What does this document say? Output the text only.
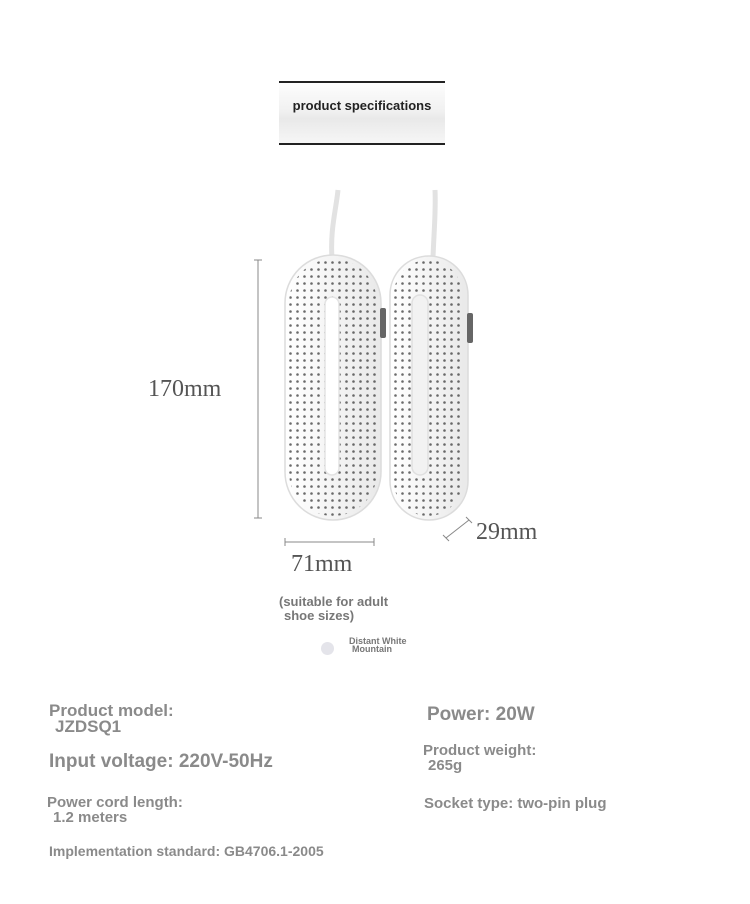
product specifications
170mm
71mm
29mm
(suitable for adult
shoe sizes)
Distant White
Mountain
Product model:
JZDSQ1
Power: 20W
Input voltage: 220V-50Hz
Product weight:
265g
Power cord length:
1.2 meters
Socket type: two-pin plug
Implementation standard: GB4706.1-2005
